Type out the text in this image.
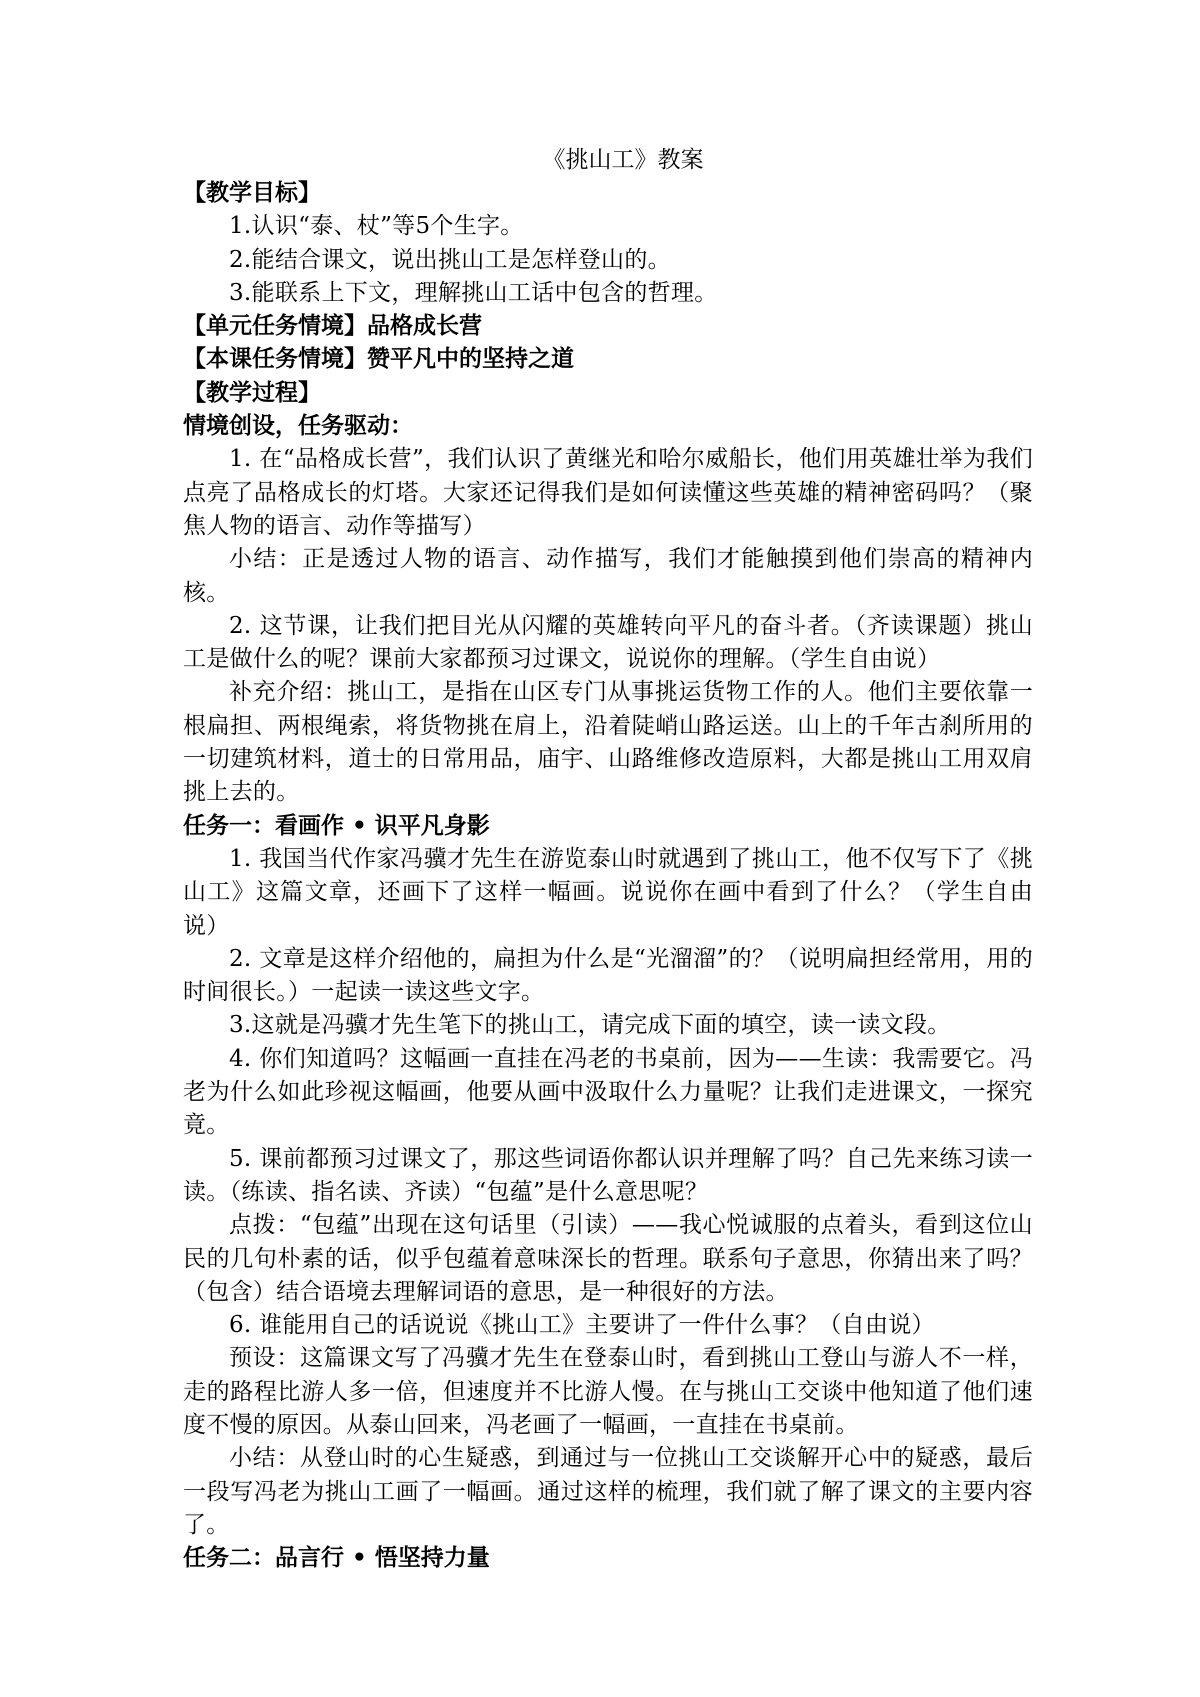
《挑山工》教案

【教学目标】

1.认识“泰、杖”等5个生字。

2.能结合课文，说出挑山工是怎样登山的。

3.能联系上下文，理解挑山工话中包含的哲理。

【单元任务情境】品格成长营

【本课任务情境】赞平凡中的坚持之道

【教学过程】

情境创设，任务驱动：

1. 在“品格成长营”，我们认识了黄继光和哈尔威船长，他们用英雄壮举为我们点亮了品格成长的灯塔。大家还记得我们是如何读懂这些英雄的精神密码吗？（聚焦人物的语言、动作等描写）

小结：正是透过人物的语言、动作描写，我们才能触摸到他们崇高的精神内核。

2. 这节课，让我们把目光从闪耀的英雄转向平凡的奋斗者。（齐读课题）挑山工是做什么的呢？课前大家都预习过课文，说说你的理解。（学生自由说）

补充介绍：挑山工，是指在山区专门从事挑运货物工作的人。他们主要依靠一根扁担、两根绳索，将货物挑在肩上，沿着陡峭山路运送。山上的千年古刹所用的一切建筑材料，道士的日常用品，庙宇、山路维修改造原料，大都是挑山工用双肩挑上去的。

任务一：看画作 • 识平凡身影

1. 我国当代作家冯骥才先生在游览泰山时就遇到了挑山工，他不仅写下了《挑山工》这篇文章，还画下了这样一幅画。说说你在画中看到了什么？（学生自由说）

2. 文章是这样介绍他的，扁担为什么是“光溜溜”的？（说明扁担经常用，用的时间很长。）一起读一读这些文字。

3.这就是冯骥才先生笔下的挑山工，请完成下面的填空，读一读文段。

4. 你们知道吗？这幅画一直挂在冯老的书桌前，因为——生读：我需要它。冯老为什么如此珍视这幅画，他要从画中汲取什么力量呢？让我们走进课文，一探究竟。

5. 课前都预习过课文了，那这些词语你都认识并理解了吗？自己先来练习读一读。（练读、指名读、齐读）“包蕴”是什么意思呢？

点拨：“包蕴”出现在这句话里（引读）——我心悦诚服的点着头，看到这位山民的几句朴素的话，似乎包蕴着意味深长的哲理。联系句子意思，你猜出来了吗？（包含）结合语境去理解词语的意思，是一种很好的方法。

6. 谁能用自己的话说说《挑山工》主要讲了一件什么事？（自由说）

预设：这篇课文写了冯骥才先生在登泰山时，看到挑山工登山与游人不一样，走的路程比游人多一倍，但速度并不比游人慢。在与挑山工交谈中他知道了他们速度不慢的原因。从泰山回来，冯老画了一幅画，一直挂在书桌前。

小结：从登山时的心生疑惑，到通过与一位挑山工交谈解开心中的疑惑，最后一段写冯老为挑山工画了一幅画。通过这样的梳理，我们就了解了课文的主要内容了。

任务二：品言行 • 悟坚持力量
